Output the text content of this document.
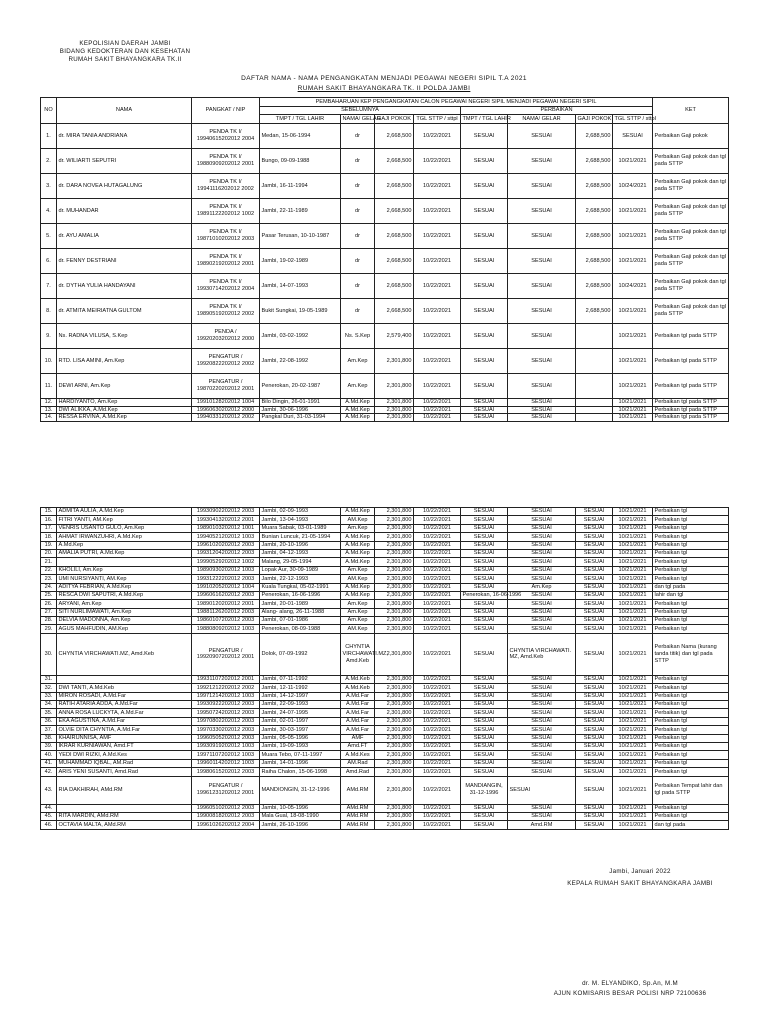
KEPOLISIAN DAERAH JAMBI
BIDANG KEDOKTERAN DAN KESEHATAN
RUMAH SAKIT BHAYANGKARA TK.II
DAFTAR NAMA - NAMA PENGANGKATAN MENJADI PEGAWAI NEGERI SIPIL T.A 2021
RUMAH SAKIT BHAYANGKARA TK. II POLDA JAMBI
NO	NAMA	PANGKAT / NIP	PEMBAHARUAN KEP PENGANGKATAN CALON PEGAWAI NEGERI SIPIL MENJADI PEGAWAI NEGERI SIPIL								KET
			SEBELUMNYA				PERBAIKAN				
			TMPT / TGL LAHIR	NAMA/ GELAR	GAJI POKOK	TGL STTP / sttpl	TMPT / TGL LAHIR	NAMA/ GELAR	GAJI POKOK	TGL STTP / sttpl	
1.	dr. MIRA TANIA ANDRIANA	PENDA TK I/
19940615202012 2004	Medan, 15-06-1994	dr	2,668,500	10/22/2021	SESUAI	SESUAI	2,688,500	SESUAI	Perbaikan Gaji pokok
2.	dr. WILIARTI SEPUTRI	PENDA TK I/
19880909202012 2001	Bungo, 09-09-1988	dr	2,668,500	10/22/2021	SESUAI	SESUAI	2,688,500	10/21/2021	Perbaikan Gaji pokok dan tgl pada STTP
3.	dr. DARA NOVEA HUTAGALUNG	PENDA TK I/
19941116202012 2002	Jambi, 16-11-1994	dr	2,668,500	10/22/2021	SESUAI	SESUAI	2,688,500	10/24/2021	Perbaikan Gaji pokok dan tgl pada STTP
4.	dr. MUHANDAR	PENDA TK I/
19891122202012 1002	Jambi, 22-11-1989	dr	2,668,500	10/22/2021	SESUAI	SESUAI	2,688,500	10/21/2021	Perbaikan Gaji pokok dan tgl pada STTP
5.	dr. AYU AMALIA	PENDA TK I/
19871010202012 2003	Pasar Terusan, 10-10-1987	dr	2,668,500	10/22/2021	SESUAI	SESUAI	2,688,500	10/21/2021	Perbaikan Gaji pokok dan tgl pada STTP
6.	dr. FENNY DESTRIANI	PENDA TK I/
19890219202012 2001	Jambi, 19-02-1989	dr	2,668,500	10/22/2021	SESUAI	SESUAI	2,688,500	10/21/2021	Perbaikan Gaji pokok dan tgl pada STTP
7.	dr. DYTHA YULIA HANDAYANI	PENDA TK I/
19930714202012 2004	Jambi, 14-07-1993	dr	2,668,500	10/22/2021	SESUAI	SESUAI	2,688,500	10/24/2021	Perbaikan Gaji pokok dan tgl pada STTP
8.	dr. ATMITA MEIRIATNA GULTOM	PENDA TK I/
19890519202012 2002	Bukit Sungkai, 19-05-1989	dr	2,668,500	10/22/2021	SESUAI	SESUAI	2,688,500	10/21/2021	Perbaikan Gaji pokok dan tgl pada STTP
9.	Ns. RADNA VILUSA, S.Kep	PENDA /
19920203202012 2000	Jambi, 03-02-1992	Ns. S.Kep	2,579,400	10/22/2021	SESUAI	SESUAI		10/21/2021	Perbaikan tgl pada STTP
10.	RTD. LISA AMINI, Am.Kep	PENGATUR /
19920822202012 2002	Jambi, 22-08-1992	Am.Kep	2,301,800	10/22/2021	SESUAI	SESUAI		10/21/2021	Perbaikan tgl pada STTP
11.	DEWI ARNI, Am.Kep	PENGATUR /
19870220202012 2001	Penerokan, 20-02-1987	Am.Kep	2,301,800	10/22/2021	SESUAI	SESUAI		10/21/2021	Perbaikan tgl pada STTP
12.	HARDIYANTO, Am.Kep	19910128202012 1004	Bilo Dingin, 26-01-1991	A.Md.Kep	2,301,800	10/22/2021	SESUAI	SESUAI		10/21/2021	Perbaikan tgl pada STTP
13.	DWI ALIKKA, A.Md.Kep	19960630202012 2000	Jambi, 30-06-1996	A.Md.Kep	2,301,800	10/22/2021	SESUAI	SESUAI		10/21/2021	Perbaikan tgl pada STTP
14.	RESSA ERVINA, A.Md.Kep	19940331202012 2002	Pangkal Duri, 31-03-1994	A.Md.Kep	2,301,800	10/22/2021	SESUAI	SESUAI		10/21/2021	Perbaikan tgl pada STTP
15.	ADMITA AULIA, A.Md.Kep	19930902202012 2003	Jambi, 02-09-1993	A.Md.Kep	2,301,800	10/22/2021	SESUAI	SESUAI	SESUAI	10/21/2021	Perbaikan tgl
16.	FITRI YANTI, AM.Kep	19930413202012 2001	Jambi, 13-04-1993	AM.Kep	2,301,800	10/22/2021	SESUAI	SESUAI	SESUAI	10/21/2021	Perbaikan tgl
17.	VENRIS USANTO GULO, Am.Kep	19890103202012 1001	Muara Sabak, 03-01-1989	Am.Kep	2,301,800	10/22/2021	SESUAI	SESUAI	SESUAI	10/21/2021	Perbaikan tgl
18.	AHMAT IRWANZUHRI, A.Md.Kep	19940521202012 1003	Bunian Luncuk, 21-05-1994	A.Md.Kep	2,301,800	10/22/2021	SESUAI	SESUAI	SESUAI	10/21/2021	Perbaikan tgl
19.	A.Md.Kep	19961020202012 2003	Jambi, 20-10-1996	A.Md.Kep	2,301,800	10/22/2021	SESUAI	SESUAI	SESUAI	10/21/2021	Perbaikan tgl
20.	AMALIA PUTRI, A.Md.Kep	19931204202012 2003	Jambi, 04-12-1993	A.Md.Kep	2,301,800	10/22/2021	SESUAI	SESUAI	SESUAI	10/21/2021	Perbaikan tgl
21.		19990529202012 1002	Malang, 29-05-1994	A.Md.Kep	2,301,800	10/22/2021	SESUAI	SESUAI	SESUAI	10/21/2021	Perbaikan tgl
22.	KHOLILI, Am.Kep	19890930202012 1003	Lopak Aur, 30-09-1989	Am.Kep	2,301,800	10/22/2021	SESUAI	SESUAI	SESUAI	10/21/2021	Perbaikan tgl
23.	UMI NURSIYANTI, AM.Kep	19931222202012 2003	Jambi, 22-12-1993	AM.Kep	2,301,800	10/22/2021	SESUAI	SESUAI	SESUAI	10/21/2021	Perbaikan tgl
24.	ADITYA FEBRIAN, A.Md.Kep	19910205202012 1004	Kuala Tungkal, 05-02-1991	A.Md.Kep	2,301,800	10/22/2021	SESUAI	Am.Kep	SESUAI	10/21/2021	dan tgl pada
25.	RESCA DWI SAPUTRI, A.Md.Kep	19960616202012 2003	Penerokan, 16-06-1996	A.Md.Kep	2,301,800	10/22/2021	Penerokan, 16-06-1996	SESUAI	SESUAI	10/21/2021	lahir dan tgl
26.	ARYANI, Am.Kep	19890120202012 2001	Jambi, 20-01-1989	Am.Kep	2,301,800	10/22/2021	SESUAI	SESUAI	SESUAI	10/21/2021	Perbaikan tgl
27.	SITI NURLIMAWATI, Am.Kep	19881126202012 2003	Alang- alang, 26-11-1988	Am.Kep	2,301,800	10/22/2021	SESUAI	SESUAI	SESUAI	10/21/2021	Perbaikan tgl
28.	DELVIA MADONNA, Am.Kep	19860107202012 2003	Jambi, 07-01-1986	Am.Kep	2,301,800	10/22/2021	SESUAI	SESUAI	SESUAI	10/21/2021	Perbaikan tgl
29.	AGUS MAHFUDIN, AM.Kep	19880809202012 1003	Penerokan, 08-09-1988	AM.Kep	2,301,800	10/22/2021	SESUAI	SESUAI	SESUAI	10/21/2021	Perbaikan tgl
30.	CHYNTIA VIRCHAWATI.MZ, Amd.Keb	PENGATUR /
19920907202012 2001	Dolok, 07-09-1992	CHYNTIA VIRCHAWATI.MZ, Amd.Keb	2,301,800	10/22/2021	SESUAI	CHYNTIA VIRCHAWATI. MZ, Amd.Keb	SESUAI	10/21/2021	Perbaikan Nama (kurang tanda titik) dan tgl pada STTP
31.		19931107202012 2001	Jambi, 07-11-1992	A.Md.Keb	2,301,800	10/22/2021	SESUAI	SESUAI	SESUAI	10/21/2021	Perbaikan tgl
32.	DWI TANTI, A.Md.Keb	19921212202012 2002	Jambi, 12-11-1992	A.Md.Keb	2,301,800	10/22/2021	SESUAI	SESUAI	SESUAI	10/21/2021	Perbaikan tgl
33.	MIRON ROSADI, A.Md.Far	19971214202012 1003	Jambi, 14-12-1997	A.Md.Far	2,301,800	10/22/2021	SESUAI	SESUAI	SESUAI	10/21/2021	Perbaikan tgl
34.	RATIH ATARIA ADDA, A.Md.Far	19930922202012 2003	Jambi, 22-09-1993	A.Md.Far	2,301,800	10/22/2021	SESUAI	SESUAI	SESUAI	10/21/2021	Perbaikan tgl
35.	ANNA ROSA LUCKYTA, A.Md.Far	19950724202012 2003	Jambi, 24-07-1995	A.Md.Far	2,301,800	10/22/2021	SESUAI	SESUAI	SESUAI	10/21/2021	Perbaikan tgl
36.	EKA AGUSTINA, A.Md.Far	19970802202012 2003	Jambi, 02-01-1997	A.Md.Far	2,301,800	10/22/2021	SESUAI	SESUAI	SESUAI	10/21/2021	Perbaikan tgl
37.	OLVIE DITA CHYNTIA, A.Md.Far	19970330202012 2003	Jambi, 30-03-1997	A.Md.Far	2,301,800	10/22/2021	SESUAI	SESUAI	SESUAI	10/21/2021	Perbaikan tgl
38.	KHAIRUNNISA, AMF	19960505202012 2003	Jambi, 05-05-1996	AMF	2,301,800	10/22/2021	SESUAI	SESUAI	SESUAI	10/21/2021	Perbaikan tgl
39.	IKRAR KURNIAWAN, Amd.FT	19930919202012 1003	Jambi, 19-09-1993	Amd.FT	2,301,800	10/22/2021	SESUAI	SESUAI	SESUAI	10/21/2021	Perbaikan tgl
40.	YEDI DWI RIZKI, A.Md.Kes	19971107202012 1003	Muara Tebo, 07-11-1997	A.Md.Kes	2,301,800	10/22/2021	SESUAI	SESUAI	SESUAI	10/21/2021	Perbaikan tgl
41.	MUHAMMAD IQBAL, AM.Rad	19960114202012 1003	Jambi, 14-01-1996	AM.Rad	2,301,800	10/22/2021	SESUAI	SESUAI	SESUAI	10/21/2021	Perbaikan tgl
42.	ARIS YENI SUSANTI, Amd.Rad	19980615202012 2003	Raiha Chalon, 15-06-1998	Amd.Rad	2,301,800	10/22/2021	SESUAI	SESUAI	SESUAI	10/21/2021	Perbaikan tgl
43.	RIA DAKHIRAH, AMd.RM	PENGATUR /
19961231202012 2001	MANDIONGIN, 31-12-1996	AMd.RM	2,301,800	10/22/2021	MANDIANGIN, 31-12-1996	SESUAI	SESUAI	10/21/2021	Perbaikan Tempat lahir dan tgl pada STTP
44.		19960510202012 2003	Jambi, 10-05-1996	AMd.RM	2,301,800	10/22/2021	SESUAI	SESUAI	SESUAI	10/21/2021	Perbaikan tgl
45.	RITA MARDIN, AMd.RM	19900818202012 2003	Mala Gual, 18-08-1990	AMd.RM	2,301,800	10/22/2021	SESUAI	SESUAI	SESUAI	10/21/2021	Perbaikan tgl
46.	OCTAVIA MALTA, AMd.RM	19961026202012 2004	Jambi, 26-10-1996	AMd.RM	2,301,800	10/22/2021	SESUAI	Amd.RM	SESUAI	10/21/2021	dan tgl pada
Jambi, Januari 2022
KEPALA RUMAH SAKIT BHAYANGKARA JAMBI
dr. M. ELYANDIKO, Sp.An, M.M
AJUN KOMISARIS BESAR POLISI NRP 72100636
